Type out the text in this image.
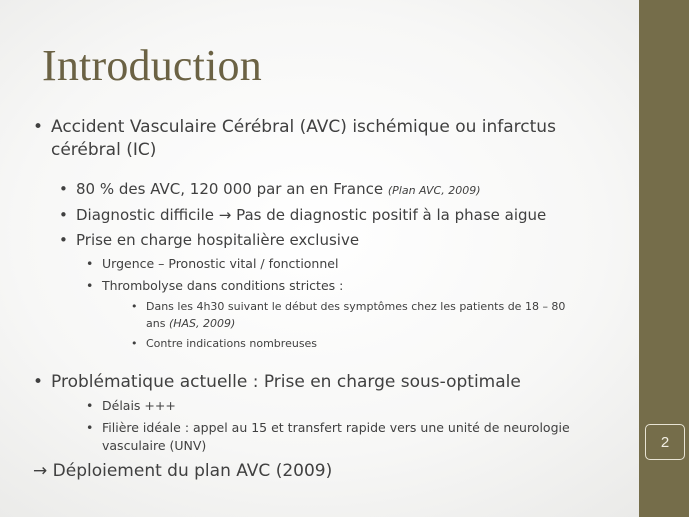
2
Introduction
• Accident Vasculaire Cérébral (AVC) ischémique ou infarctus
cérébral (IC)
• 80 % des AVC, 120 000 par an en France (Plan AVC, 2009)
• Diagnostic difficile → Pas de diagnostic positif à la phase aigue
• Prise en charge hospitalière exclusive
• Urgence – Pronostic vital / fonctionnel
• Thrombolyse dans conditions strictes :
• Dans les 4h30 suivant le début des symptômes chez les patients de 18 – 80
ans (HAS, 2009)
• Contre indications nombreuses
• Problématique actuelle : Prise en charge sous-optimale
• Délais +++
• Filière idéale : appel au 15 et transfert rapide vers une unité de neurologie
vasculaire (UNV)
→ Déploiement du plan AVC (2009)
